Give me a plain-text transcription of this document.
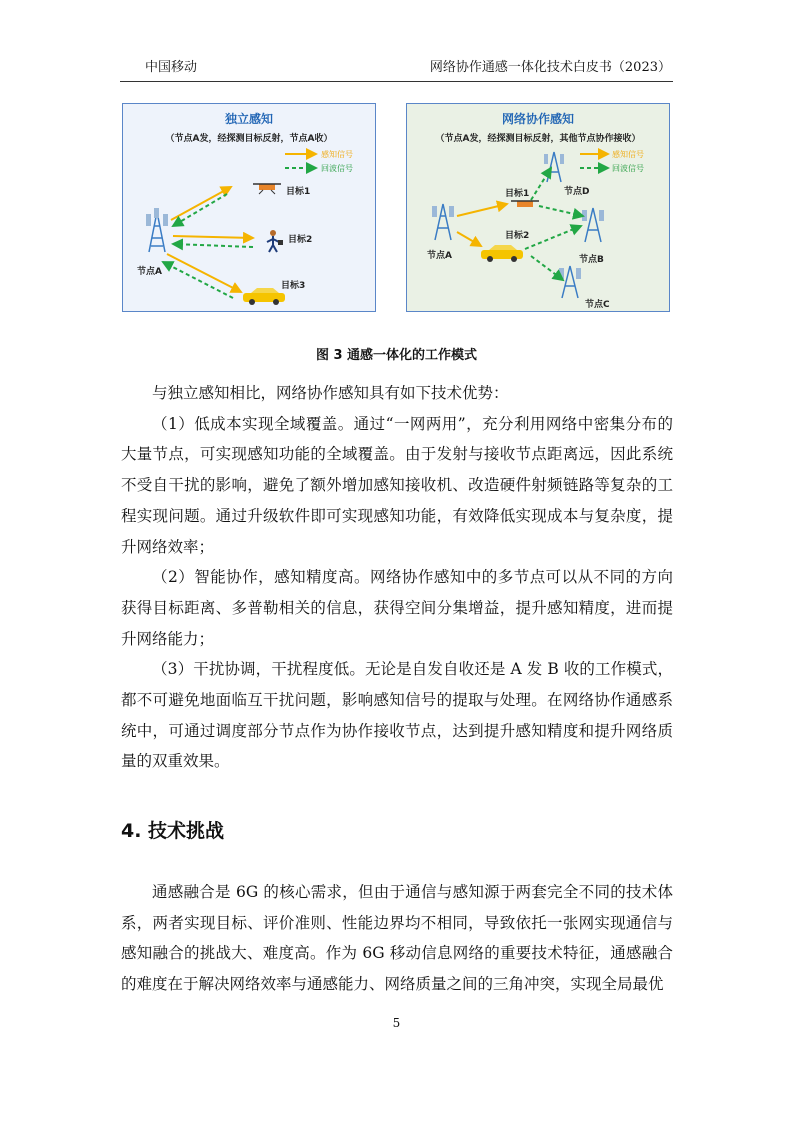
中国移动	网络协作通感一体化技术白皮书（2023）
独立感知
（节点A发，经探测目标反射，节点A收）
感知信号
回波信号
目标1
目标2
目标3
节点A
网络协作感知
（节点A发，经探测目标反射，其他节点协作接收）
感知信号
回波信号
目标1
目标2
节点D
节点A	节点B
节点C
图 3 通感一体化的工作模式

与独立感知相比，网络协作感知具有如下技术优势：

（1）低成本实现全域覆盖。通过“一网两用”，充分利用网络中密集分布的大量节点，可实现感知功能的全域覆盖。由于发射与接收节点距离远，因此系统不受自干扰的影响，避免了额外增加感知接收机、改造硬件射频链路等复杂的工程实现问题。通过升级软件即可实现感知功能，有效降低实现成本与复杂度，提升网络效率；

（2）智能协作，感知精度高。网络协作感知中的多节点可以从不同的方向获得目标距离、多普勒相关的信息，获得空间分集增益，提升感知精度，进而提升网络能力；

（3）干扰协调，干扰程度低。无论是自发自收还是 A 发 B 收的工作模式，都不可避免地面临互干扰问题，影响感知信号的提取与处理。在网络协作通感系统中，可通过调度部分节点作为协作接收节点，达到提升感知精度和提升网络质量的双重效果。

4. 技术挑战

通感融合是 6G 的核心需求，但由于通信与感知源于两套完全不同的技术体系，两者实现目标、评价准则、性能边界均不相同，导致依托一张网实现通信与感知融合的挑战大、难度高。作为 6G 移动信息网络的重要技术特征，通感融合的难度在于解决网络效率与通感能力、网络质量之间的三角冲突，实现全局最优

5
